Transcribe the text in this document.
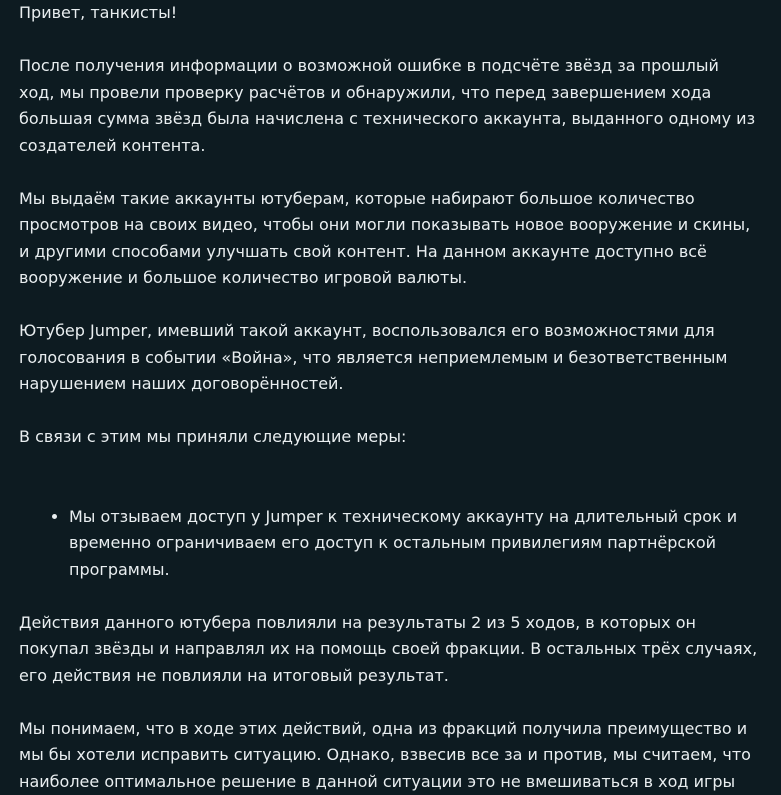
Привет, танкисты!

После получения информации о возможной ошибке в подсчёте звёзд за прошлый ход, мы провели проверку расчётов и обнаружили, что перед завершением хода большая сумма звёзд была начислена с технического аккаунта, выданного одному из создателей контента.

Мы выдаём такие аккаунты ютуберам, которые набирают большое количество просмотров на своих видео, чтобы они могли показывать новое вооружение и скины, и другими способами улучшать свой контент. На данном аккаунте доступно всё вооружение и большое количество игровой валюты.

Ютубер Jumper, имевший такой аккаунт, воспользовался его возможностями для голосования в событии «Война», что является неприемлемым и безответственным нарушением наших договорённостей.

В связи с этим мы приняли следующие меры:

• Мы отзываем доступ у Jumper к техническому аккаунту на длительный срок и временно ограничиваем его доступ к остальным привилегиям партнёрской программы.

Действия данного ютубера повлияли на результаты 2 из 5 ходов, в которых он покупал звёзды и направлял их на помощь своей фракции. В остальных трёх случаях, его действия не повлияли на итоговый результат.

Мы понимаем, что в ходе этих действий, одна из фракций получила преимущество и мы бы хотели исправить ситуацию. Однако, взвесив все за и против, мы считаем, что наиболее оптимальное решение в данной ситуации это не вмешиваться в ход игры
